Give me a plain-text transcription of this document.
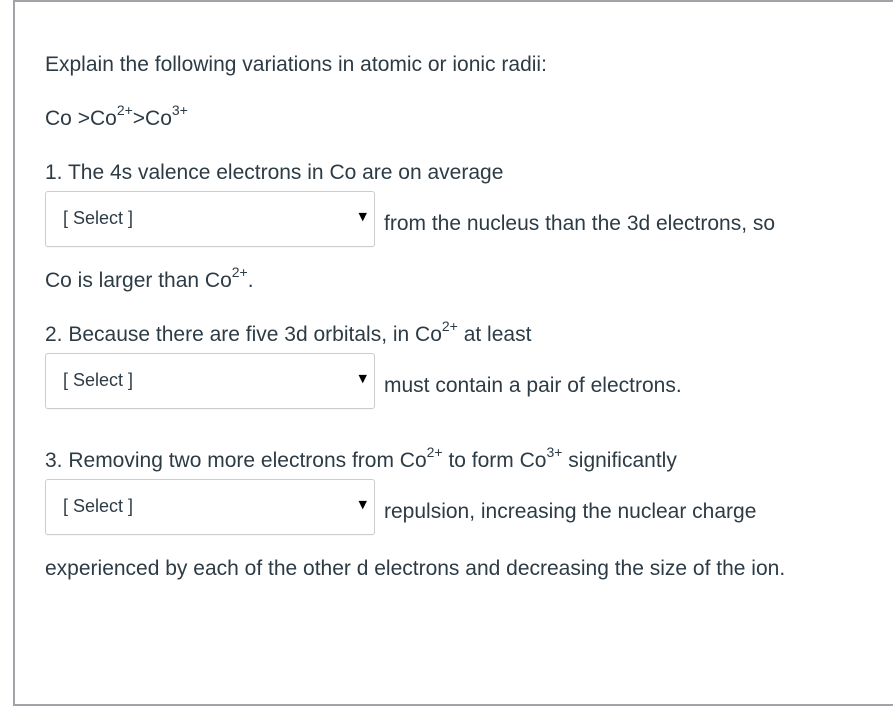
Explain the following variations in atomic or ionic radii:
$Co >Co^{2+}>Co^{3+}$
1. The 4s valence electrons in Co are on average
[ Select ]	▼ from the nucleus than the 3d electrons, so
Co is larger than $Co^{2+}$.
2. Because there are five 3d orbitals, in $Co^{2+}$ at least
[ Select ]	▼ must contain a pair of electrons.
3. Removing two more electrons from $Co^{2+}$ to form $Co^{3+}$ significantly
[ Select ]	▼ repulsion, increasing the nuclear charge
experienced by each of the other d electrons and decreasing the size of the ion.
